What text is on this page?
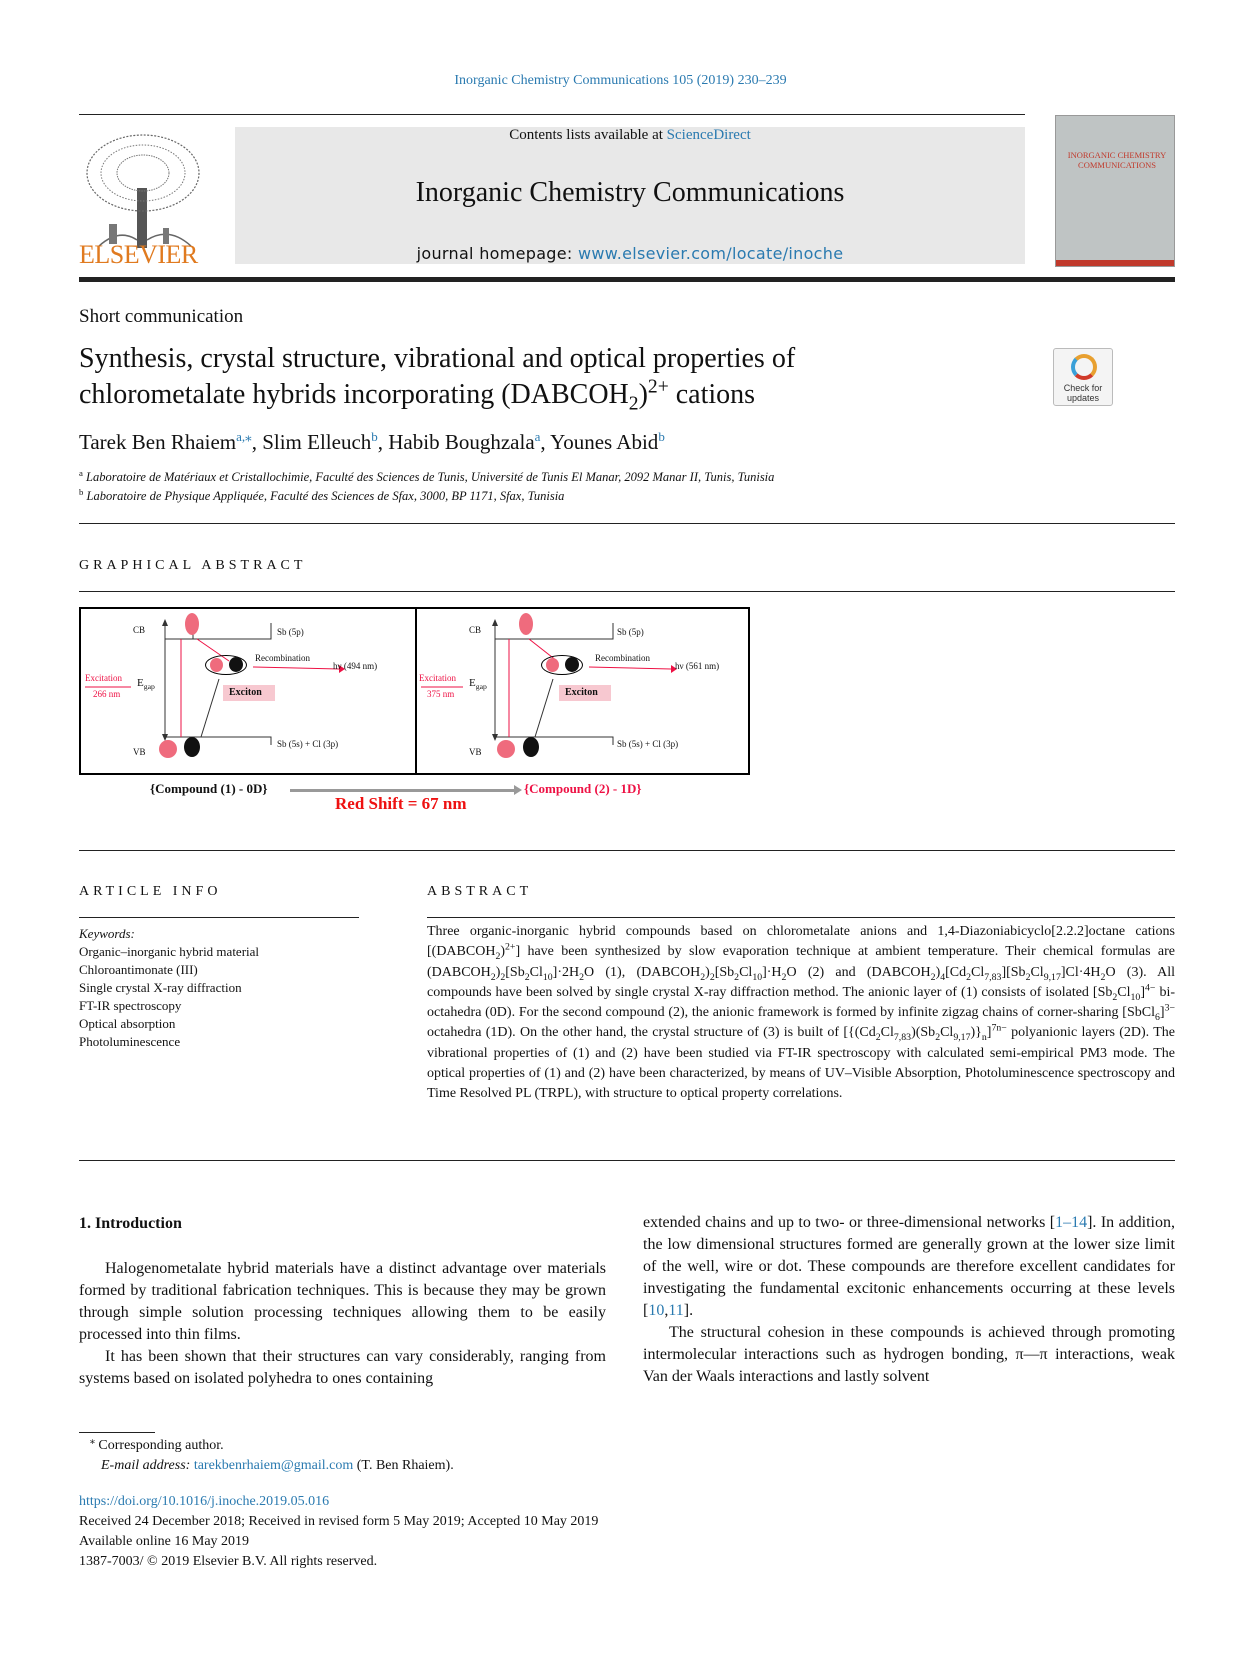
Inorganic Chemistry Communications 105 (2019) 230–239
ELSEVIER
Contents lists available at ScienceDirect
Inorganic Chemistry Communications
journal homepage: www.elsevier.com/locate/inoche
INORGANIC CHEMISTRY COMMUNICATIONS
Short communication
Synthesis, crystal structure, vibrational and optical properties of
chlorometalate hybrids incorporating $(DABCOH_2)^{2+}$ cations	Check for updates
Tarek Ben Rhaiem$^{a,⁎}$, Slim Elleuch$^b$, Habib Boughzala$^a$, Younes Abid$^b$
$^a$ Laboratoire de Matériaux et Cristallochimie, Faculté des Sciences de Tunis, Université de Tunis El Manar, 2092 Manar II, Tunis, Tunisia
$^b$ Laboratoire de Physique Appliquée, Faculté des Sciences de Sfax, 3000, BP 1171, Sfax, Tunisia
GRAPHICAL ABSTRACT
CB
VB
Sb (5p)
Sb (5s) + Cl (3p)
Recombination
hν (494 nm)
Exciton
Excitation
266 nm
$E_{gap}$
CB
VB
Sb (5p)
Sb (5s) + Cl (3p)
Recombination
hν (561 nm)
Exciton
Excitation
375 nm
$E_{gap}$
{Compound (1) - 0D}	{Compound (2) - 1D}
Red Shift = 67 nm
ARTICLE INFO	ABSTRACT
Keywords:
Organic–inorganic hybrid material
Chloroantimonate (III)
Single crystal X-ray diffraction
FT-IR spectroscopy
Optical absorption
Photoluminescence
Three organic-inorganic hybrid compounds based on chlorometalate anions and 1,4-Diazoniabicyclo[2.2.2]octane cations $[(DABCOH_2)^{2+}]$ have been synthesized by slow evaporation technique at ambient temperature. Their chemical formulas are $(DABCOH_2)_2[Sb_2Cl_{10}]\cdot 2H_2O$ (1), $(DABCOH_2)_2[Sb_2Cl_{10}]\cdot H_2O$ (2) and $(DABCOH_2)_4[Cd_2Cl_{7,83}][Sb_2Cl_{9,17}]Cl\cdot 4H_2O$ (3). All compounds have been solved by single crystal X-ray diffraction method. The anionic layer of (1) consists of isolated $[Sb_2Cl_{10}]^{4-}$ bi-octahedra (0D). For the second compound (2), the anionic framework is formed by infinite zigzag chains of corner-sharing [SbCl$_6$]$^{3-}$ octahedra (1D). On the other hand, the crystal structure of (3) is built of $[\{(Cd_2Cl_{7,83})(Sb_2Cl_{9,17})\}_n]^{7n-}$ polyanionic layers (2D). The vibrational properties of (1) and (2) have been studied via FT-IR spectroscopy with calculated semi-empirical PM3 mode. The optical properties of (1) and (2) have been characterized, by means of UV–Visible Absorption, Photoluminescence spectroscopy and Time Resolved PL (TRPL), with structure to optical property correlations.
1. Introduction
Halogenometalate hybrid materials have a distinct advantage over materials formed by traditional fabrication techniques. This is because they may be grown through simple solution processing techniques allowing them to be easily processed into thin films.
It has been shown that their structures can vary considerably, ranging from systems based on isolated polyhedra to ones containing
extended chains and up to two- or three-dimensional networks [1–14]. In addition, the low dimensional structures formed are generally grown at the lower size limit of the well, wire or dot. These compounds are therefore excellent candidates for investigating the fundamental excitonic enhancements occurring at these levels [10,11].
The structural cohesion in these compounds is achieved through promoting intermolecular interactions such as hydrogen bonding, π—π interactions, weak Van der Waals interactions and lastly solvent
⁎ Corresponding author.
E-mail address: tarekbenrhaiem@gmail.com (T. Ben Rhaiem).
https://doi.org/10.1016/j.inoche.2019.05.016
Received 24 December 2018; Received in revised form 5 May 2019; Accepted 10 May 2019
Available online 16 May 2019
1387-7003/ © 2019 Elsevier B.V. All rights reserved.
